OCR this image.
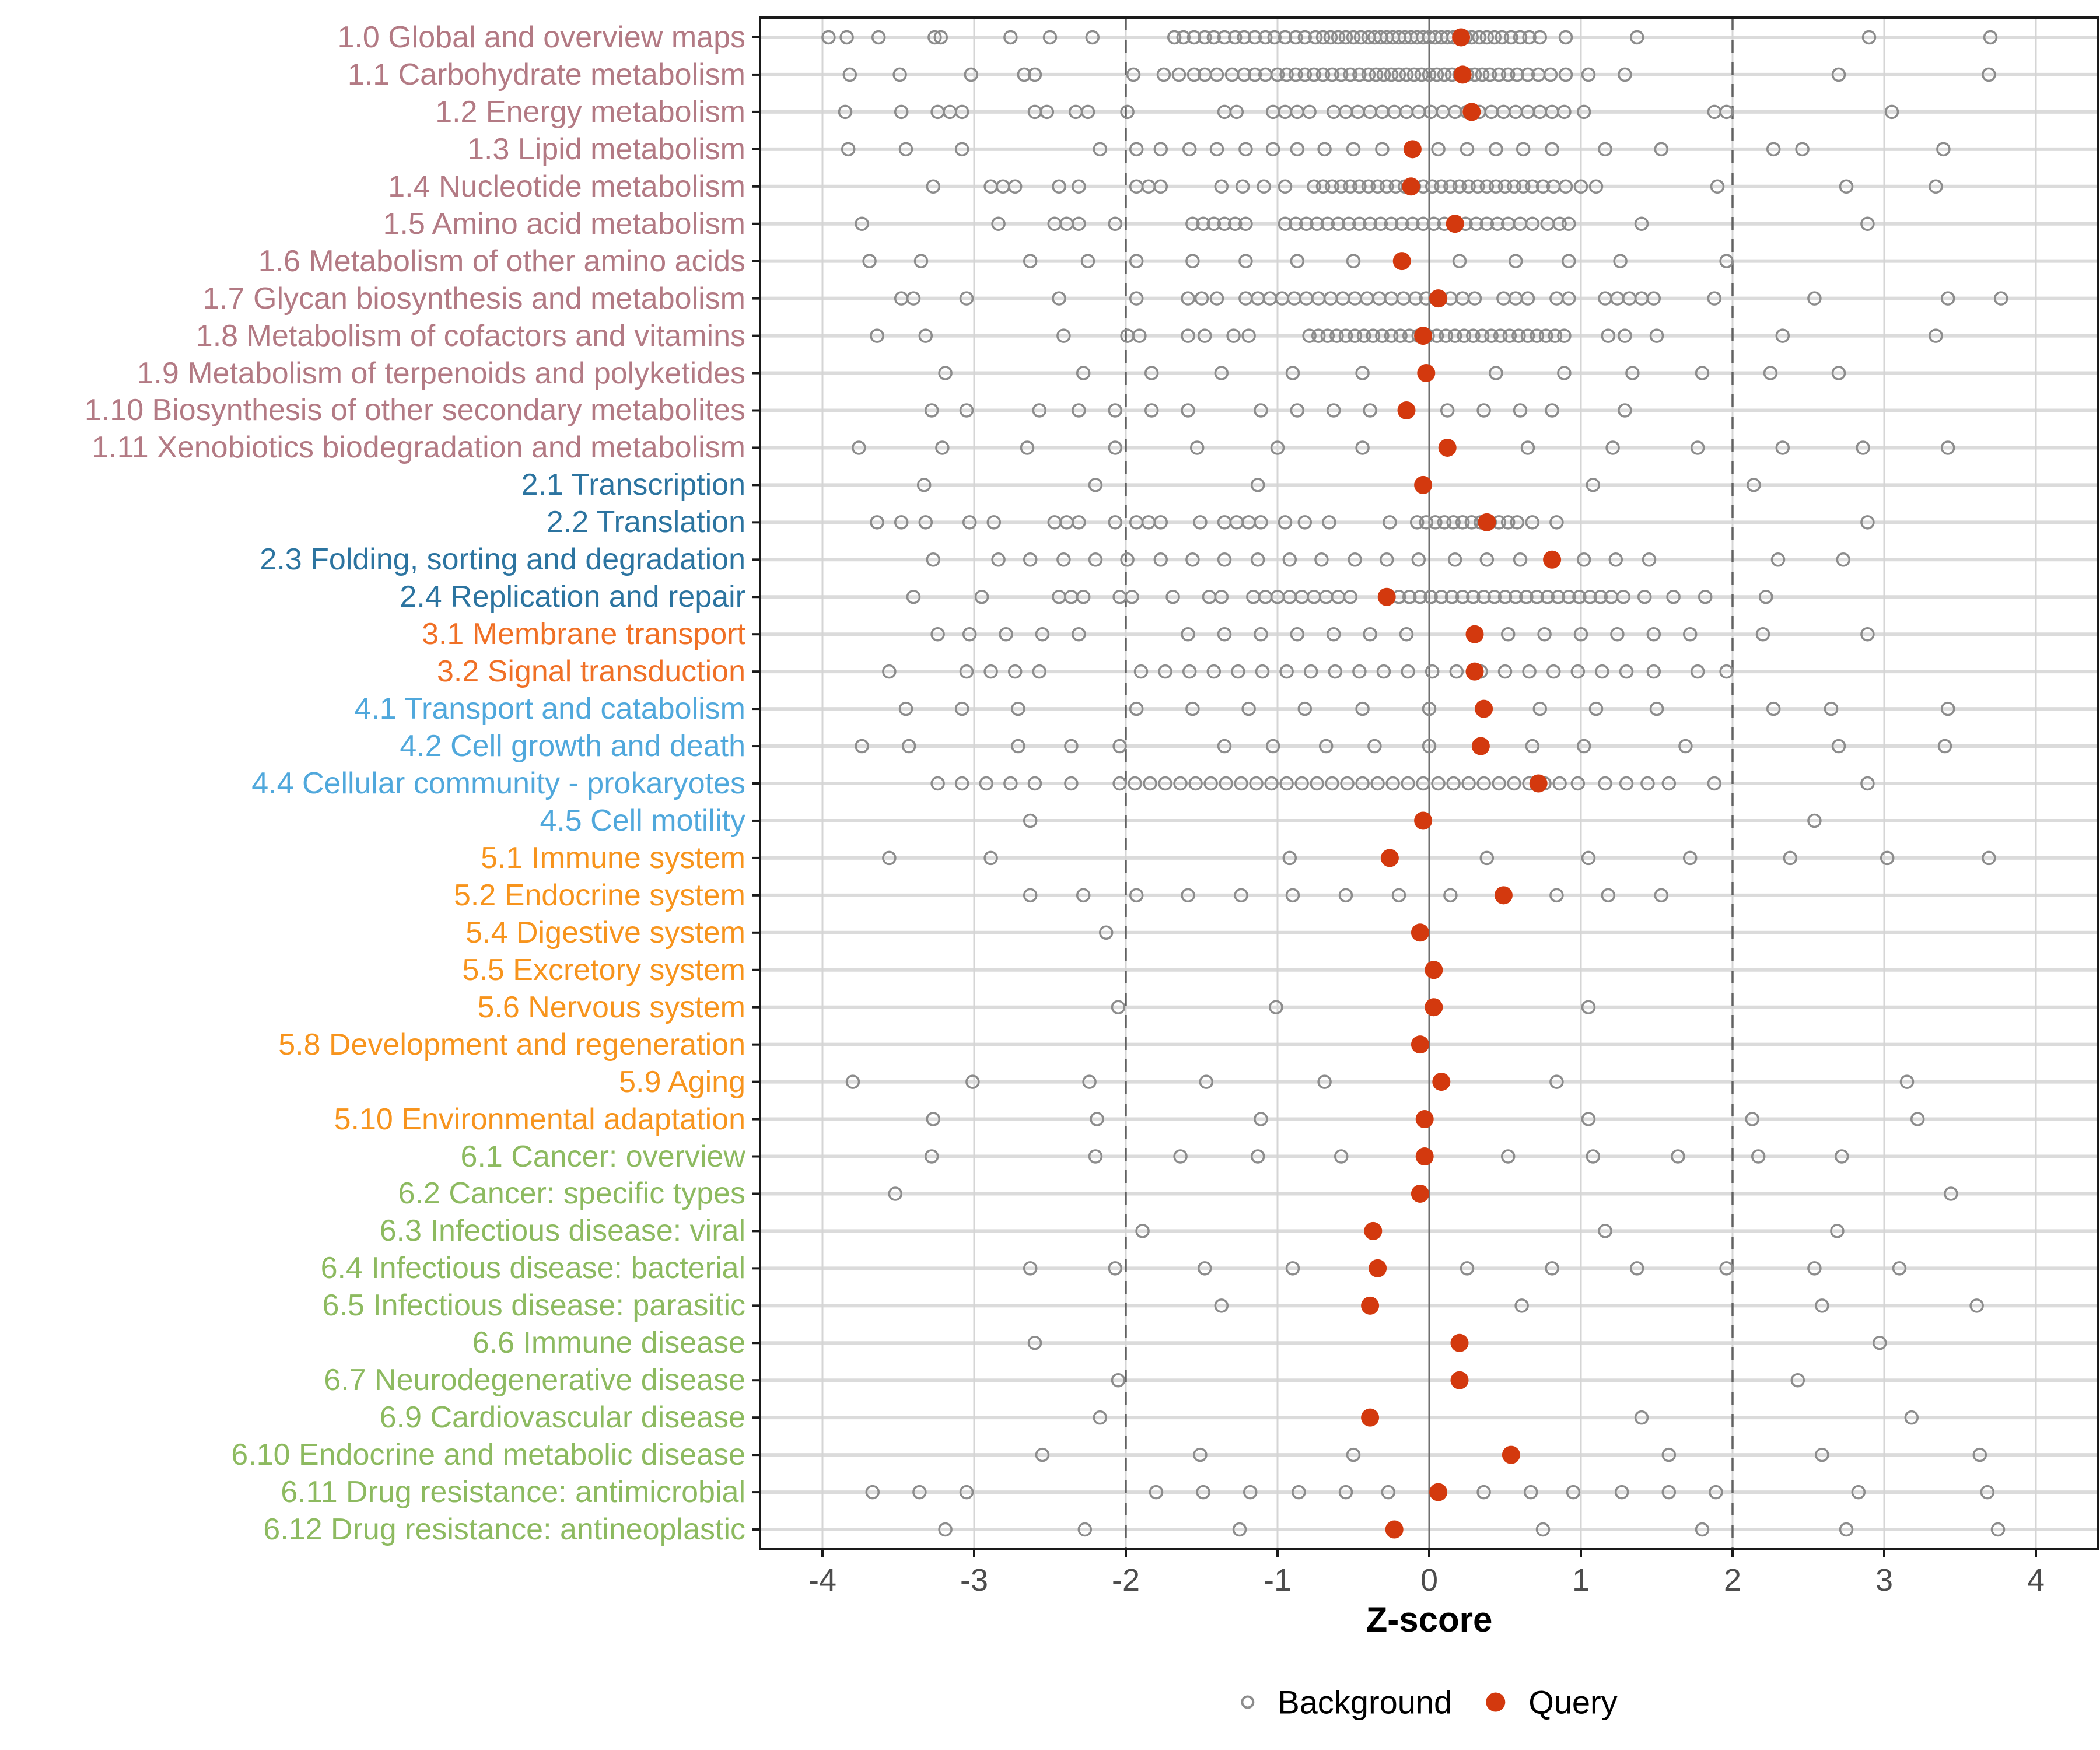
1.0 Global and overview maps
1.1 Carbohydrate metabolism
1.2 Energy metabolism
1.3 Lipid metabolism
1.4 Nucleotide metabolism
1.5 Amino acid metabolism
1.6 Metabolism of other amino acids
1.7 Glycan biosynthesis and metabolism
1.8 Metabolism of cofactors and vitamins
1.9 Metabolism of terpenoids and polyketides
1.10 Biosynthesis of other secondary metabolites
1.11 Xenobiotics biodegradation and metabolism
2.1 Transcription
2.2 Translation
2.3 Folding, sorting and degradation
2.4 Replication and repair
3.1 Membrane transport
3.2 Signal transduction
4.1 Transport and catabolism
4.2 Cell growth and death
4.4 Cellular community - prokaryotes
4.5 Cell motility
5.1 Immune system
5.2 Endocrine system
5.4 Digestive system
5.5 Excretory system
5.6 Nervous system
5.8 Development and regeneration
5.9 Aging
5.10 Environmental adaptation
6.1 Cancer: overview
6.2 Cancer: specific types
6.3 Infectious disease: viral
6.4 Infectious disease: bacterial
6.5 Infectious disease: parasitic
6.6 Immune disease
6.7 Neurodegenerative disease
6.9 Cardiovascular disease
6.10 Endocrine and metabolic disease
6.11 Drug resistance: antimicrobial
6.12 Drug resistance: antineoplastic
-4	-3	-2	-1	0	1	2	3	4
Z-score
Background Query
